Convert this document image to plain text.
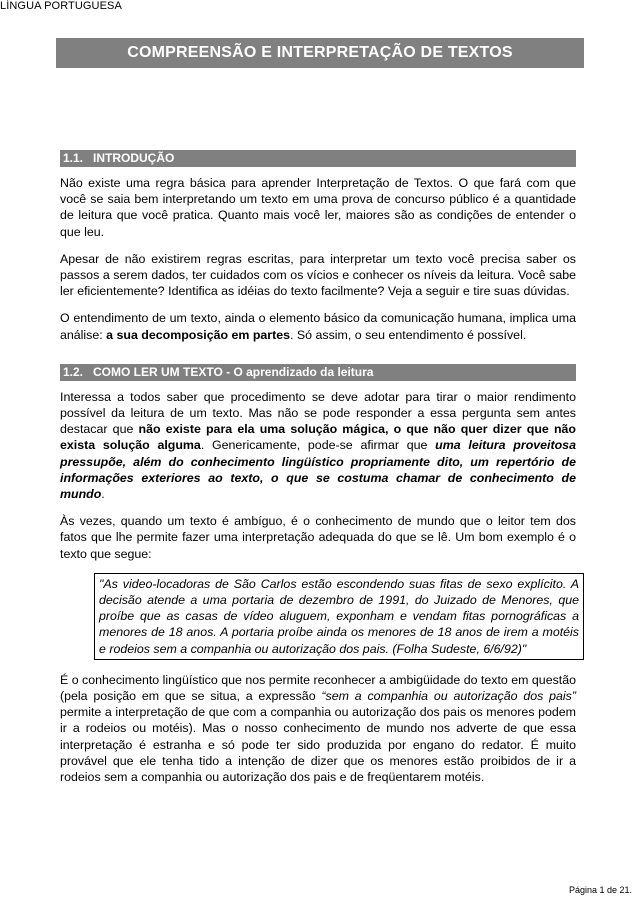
LÍNGUA PORTUGUESA
COMPREENSÃO E INTERPRETAÇÃO DE TEXTOS
1.1. INTRODUÇÃO

Não existe uma regra básica para aprender Interpretação de Textos. O que fará com que você se saia bem interpretando um texto em uma prova de concurso público é a quantidade de leitura que você pratica. Quanto mais você ler, maiores são as condições de entender o que leu.

Apesar de não existirem regras escritas, para interpretar um texto você precisa saber os passos a serem dados, ter cuidados com os vícios e conhecer os níveis da leitura. Você sabe ler eficientemente? Identifica as idéias do texto facilmente? Veja a seguir e tire suas dúvidas.

O entendimento de um texto, ainda o elemento básico da comunicação humana, implica uma análise: a sua decomposição em partes. Só assim, o seu entendimento é possível.

1.2. COMO LER UM TEXTO - O aprendizado da leitura

Interessa a todos saber que procedimento se deve adotar para tirar o maior rendimento possível da leitura de um texto. Mas não se pode responder a essa pergunta sem antes destacar que não existe para ela uma solução mágica, o que não quer dizer que não exista solução alguma. Genericamente, pode-se afirmar que uma leitura proveitosa pressupõe, além do conhecimento lingüístico propriamente dito, um repertório de informações exteriores ao texto, o que se costuma chamar de conhecimento de mundo.

Às vezes, quando um texto é ambíguo, é o conhecimento de mundo que o leitor tem dos fatos que lhe permite fazer uma interpretação adequada do que se lê. Um bom exemplo é o texto que segue:

"As video-locadoras de São Carlos estão escondendo suas fitas de sexo explícito. A decisão atende a uma portaria de dezembro de 1991, do Juizado de Menores, que proíbe que as casas de vídeo aluguem, exponham e vendam fitas pornográficas a menores de 18 anos. A portaria proíbe ainda os menores de 18 anos de irem a motéis e rodeios sem a companhia ou autorização dos pais. (Folha Sudeste, 6/6/92)"

É o conhecimento lingüístico que nos permite reconhecer a ambigüidade do texto em questão (pela posição em que se situa, a expressão “sem a companhia ou autorização dos pais” permite a interpretação de que com a companhia ou autorização dos pais os menores podem ir a rodeios ou motéis). Mas o nosso conhecimento de mundo nos adverte de que essa interpretação é estranha e só pode ter sido produzida por engano do redator. É muito provável que ele tenha tido a intenção de dizer que os menores estão proibidos de ir a rodeios sem a companhia ou autorização dos pais e de freqüentarem motéis.

Página 1 de 21.
